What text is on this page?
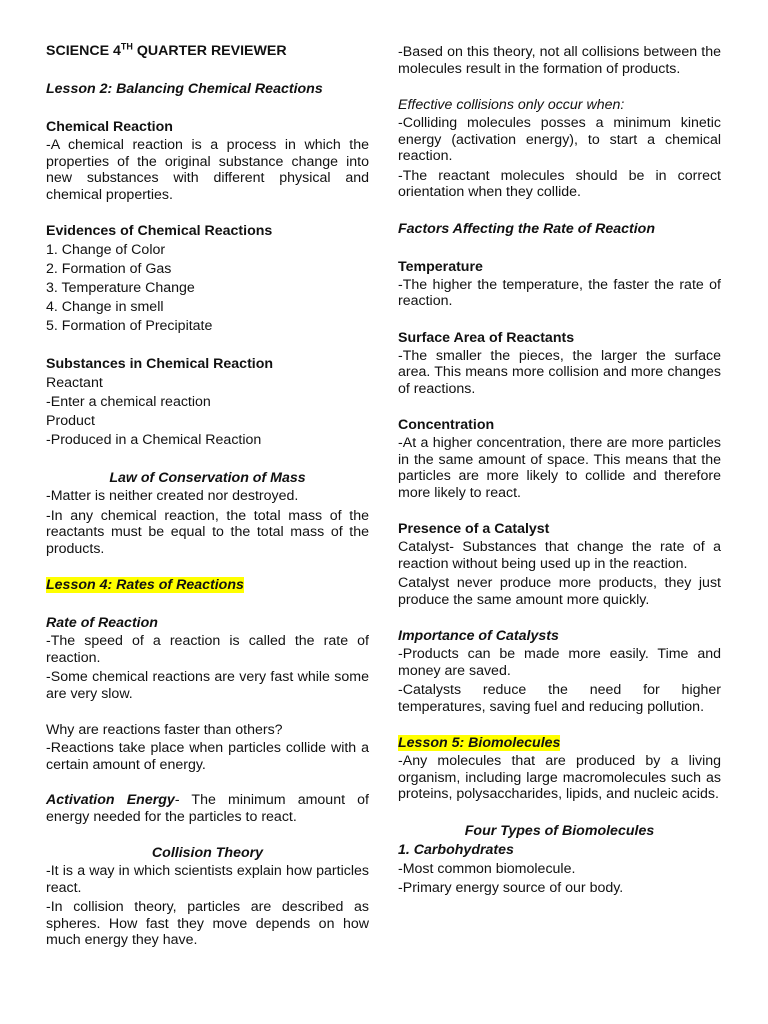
SCIENCE 4TH QUARTER REVIEWER
Lesson 2: Balancing Chemical Reactions
Chemical Reaction

-A chemical reaction is a process in which the properties of the original substance change into new substances with different physical and chemical properties.

Evidences of Chemical Reactions
1. Change of Color
2. Formation of Gas
3. Temperature Change
4. Change in smell
5. Formation of Precipitate
Substances in Chemical Reaction
Reactant
-Enter a chemical reaction
Product
-Produced in a Chemical Reaction
Law of Conservation of Mass

-Matter is neither created nor destroyed.

-In any chemical reaction, the total mass of the reactants must be equal to the total mass of the products.

Lesson 4: Rates of Reactions
Rate of Reaction

-The speed of a reaction is called the rate of reaction.

-Some chemical reactions are very fast while some are very slow.

Why are reactions faster than others?

-Reactions take place when particles collide with a certain amount of energy.

Activation Energy- The minimum amount of energy needed for the particles to react.

Collision Theory

-It is a way in which scientists explain how particles react.

-In collision theory, particles are described as spheres. How fast they move depends on how much energy they have.

-Based on this theory, not all collisions between the molecules result in the formation of products.

Effective collisions only occur when:

-Colliding molecules posses a minimum kinetic energy (activation energy), to start a chemical reaction.

-The reactant molecules should be in correct orientation when they collide.

Factors Affecting the Rate of Reaction
Temperature

-The higher the temperature, the faster the rate of reaction.

Surface Area of Reactants

-The smaller the pieces, the larger the surface area. This means more collision and more changes of reactions.

Concentration

-At a higher concentration, there are more particles in the same amount of space. This means that the particles are more likely to collide and therefore more likely to react.

Presence of a Catalyst

Catalyst- Substances that change the rate of a reaction without being used up in the reaction.

Catalyst never produce more products, they just produce the same amount more quickly.

Importance of Catalysts

-Products can be made more easily. Time and money are saved.

-Catalysts reduce the need for higher temperatures, saving fuel and reducing pollution.

Lesson 5: Biomolecules

-Any molecules that are produced by a living organism, including large macromolecules such as proteins, polysaccharides, lipids, and nucleic acids.

Four Types of Biomolecules
1. Carbohydrates
-Most common biomolecule.
-Primary energy source of our body.
